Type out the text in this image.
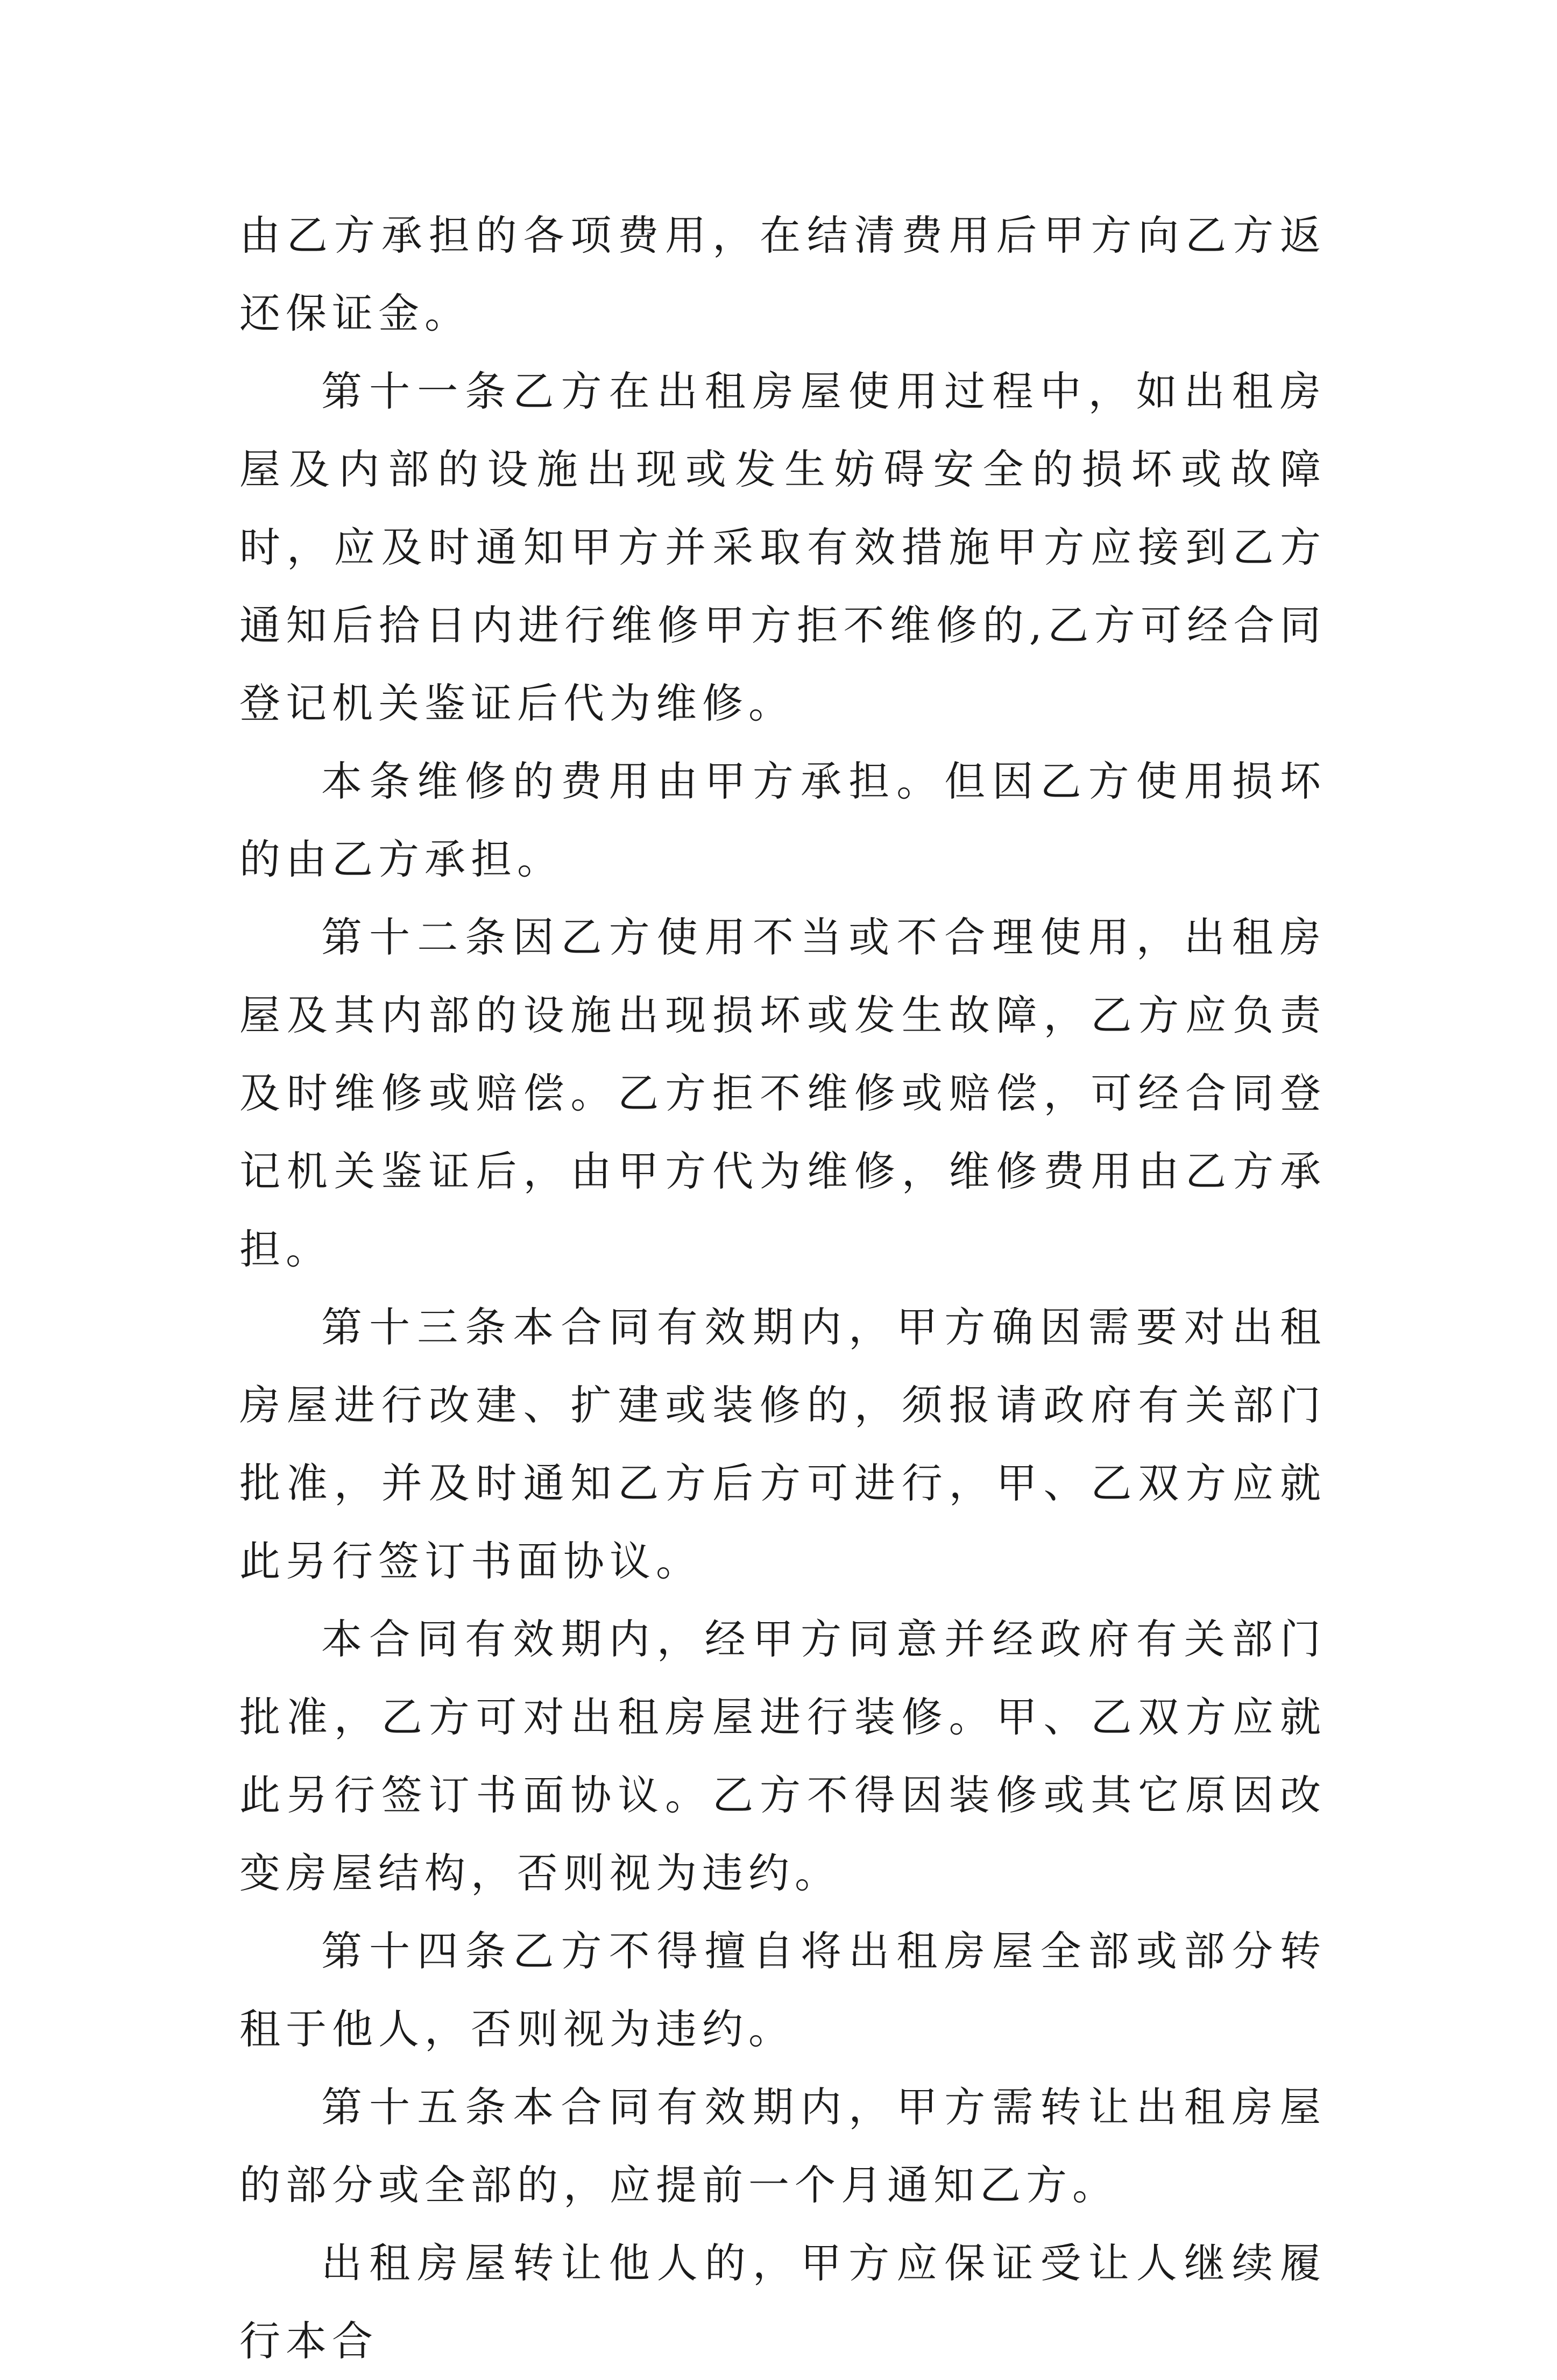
由乙方承担的各项费用，在结清费用后甲方向乙方返还保证金。

第十一条乙方在出租房屋使用过程中，如出租房屋及内部的设施出现或发生妨碍安全的损坏或故障时，应及时通知甲方并采取有效措施甲方应接到乙方通知后拾日内进行维修甲方拒不维修的,乙方可经合同登记机关鉴证后代为维修。

本条维修的费用由甲方承担。但因乙方使用损坏的由乙方承担。

第十二条因乙方使用不当或不合理使用，出租房屋及其内部的设施出现损坏或发生故障，乙方应负责及时维修或赔偿。乙方拒不维修或赔偿，可经合同登记机关鉴证后，由甲方代为维修，维修费用由乙方承担。

第十三条本合同有效期内，甲方确因需要对出租房屋进行改建、扩建或装修的，须报请政府有关部门批准，并及时通知乙方后方可进行，甲、乙双方应就此另行签订书面协议。

本合同有效期内，经甲方同意并经政府有关部门批准，乙方可对出租房屋进行装修。甲、乙双方应就此另行签订书面协议。乙方不得因装修或其它原因改变房屋结构，否则视为违约。

第十四条乙方不得擅自将出租房屋全部或部分转租于他人，否则视为违约。

第十五条本合同有效期内，甲方需转让出租房屋的部分或全部的，应提前一个月通知乙方。

出租房屋转让他人的，甲方应保证受让人继续履行本合
